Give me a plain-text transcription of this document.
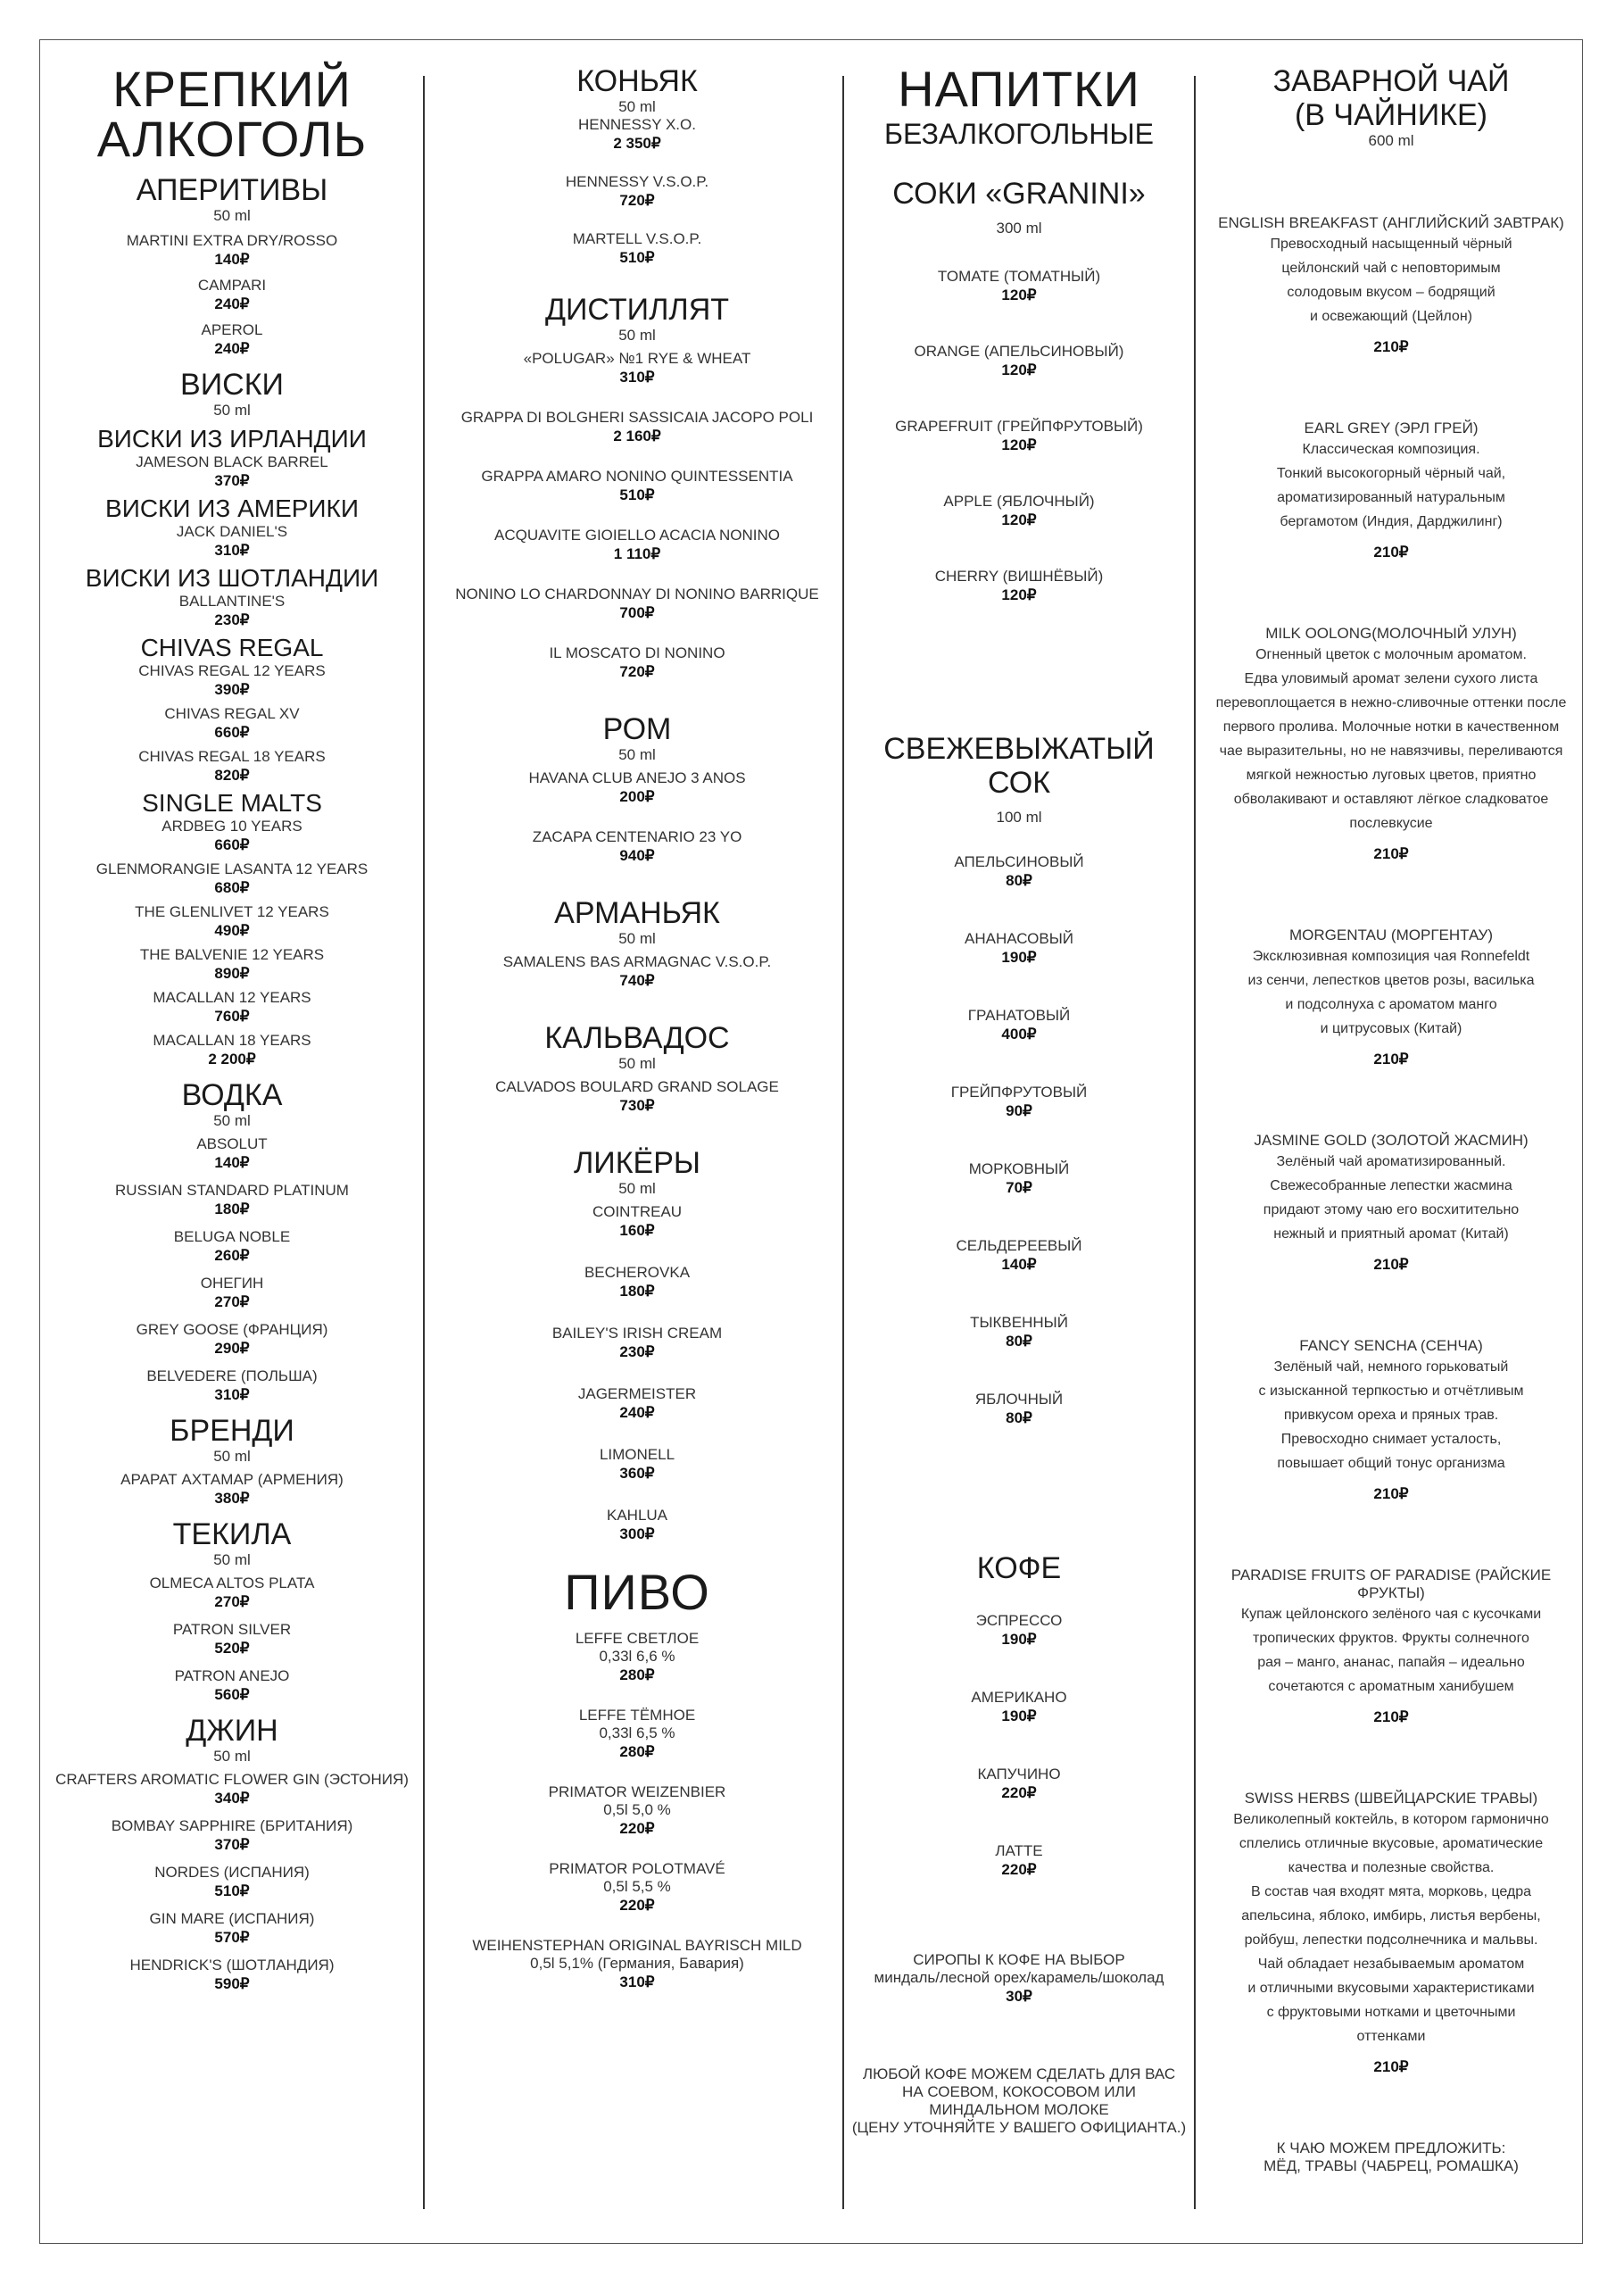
КРЕПКИЙ
АЛКОГОЛЬ
АПЕРИТИВЫ
50 ml
MARTINI EXTRA DRY/ROSSO
140₽
CAMPARI
240₽
APEROL
240₽
ВИСКИ
50 ml
ВИСКИ ИЗ ИРЛАНДИИ
JAMESON BLACK BARREL
370₽
ВИСКИ ИЗ АМЕРИКИ
JACK DANIEL'S
310₽
ВИСКИ ИЗ ШОТЛАНДИИ
BALLANTINE'S
230₽
CHIVAS REGAL
CHIVAS REGAL 12 YEARS
390₽
CHIVAS REGAL XV
660₽
CHIVAS REGAL 18 YEARS
820₽
SINGLE MALTS
ARDBEG 10 YEARS
660₽
GLENMORANGIE LASANTA 12 YEARS
680₽
THE GLENLIVET 12 YEARS
490₽
THE BALVENIE 12 YEARS
890₽
MACALLAN 12 YEARS
760₽
MACALLAN 18 YEARS
2 200₽
ВОДКА
50 ml
ABSOLUT
140₽
RUSSIAN STANDARD PLATINUM
180₽
BELUGA NOBLE
260₽
ОНЕГИН
270₽
GREY GOOSE (ФРАНЦИЯ)
290₽
BELVEDERE (ПОЛЬША)
310₽
БРЕНДИ
50 ml
АРАРАТ АХТАМАР (АРМЕНИЯ)
380₽
ТЕКИЛА
50 ml
OLMECA ALTOS PLATA
270₽
PATRON SILVER
520₽
PATRON ANEJO
560₽
ДЖИН
50 ml
CRAFTERS AROMATIC FLOWER GIN (ЭСТОНИЯ)
340₽
BOMBAY SAPPHIRE (БРИТАНИЯ)
370₽
NORDES (ИСПАНИЯ)
510₽
GIN MARE (ИСПАНИЯ)
570₽
HENDRICK'S (ШОТЛАНДИЯ)
590₽
КОНЬЯК
50 ml
HENNESSY X.O.
2 350₽
HENNESSY V.S.O.P.
720₽
MARTELL V.S.O.P.
510₽
ДИСТИЛЛЯТ
50 ml
«POLUGAR» №1 RYE & WHEAT
310₽
GRAPPA DI BOLGHERI SASSICAIA JACOPO POLI
2 160₽
GRAPPA AMARO NONINO QUINTESSENTIA
510₽
ACQUAVITE GIOIELLO ACACIA NONINO
1 110₽
NONINO LO CHARDONNAY DI NONINO BARRIQUE
700₽
IL MOSCATO DI NONINO
720₽
РОМ
50 ml
HAVANA CLUB ANEJO 3 ANOS
200₽
ZACAPA CENTENARIO 23 YO
940₽
АРМАНЬЯК
50 ml
SAMALENS BAS ARMAGNAC V.S.O.P.
740₽
КАЛЬВАДОС
50 ml
CALVADOS BOULARD GRAND SOLAGE
730₽
ЛИКЁРЫ
50 ml
COINTREAU
160₽
BECHEROVKA
180₽
BAILEY'S IRISH CREAM
230₽
JAGERMEISTER
240₽
LIMONELL
360₽
KAHLUA
300₽
ПИВО
LEFFE СВЕТЛОЕ
0,33l 6,6 %
280₽
LEFFE ТЁМНОЕ
0,33l 6,5 %
280₽
PRIMATOR WEIZENBIER
0,5l 5,0 %
220₽
PRIMATOR POLOTMAVÉ
0,5l 5,5 %
220₽
WEIHENSTEPHAN ORIGINAL BAYRISCH MILD
0,5l 5,1% (Германия, Бавария)
310₽
НАПИТКИ
БЕЗАЛКОГОЛЬНЫЕ
СОКИ «GRANINI»
300 ml
TOMATE (ТОМАТНЫЙ)
120₽
ORANGE (АПЕЛЬСИНОВЫЙ)
120₽
GRAPEFRUIT (ГРЕЙПФРУТОВЫЙ)
120₽
APPLE (ЯБЛОЧНЫЙ)
120₽
CHERRY (ВИШНЁВЫЙ)
120₽
СВЕЖЕВЫЖАТЫЙ
СОК
100 ml
АПЕЛЬСИНОВЫЙ
80₽
АНАНАСОВЫЙ
190₽
ГРАНАТОВЫЙ
400₽
ГРЕЙПФРУТОВЫЙ
90₽
МОРКОВНЫЙ
70₽
СЕЛЬДЕРЕЕВЫЙ
140₽
ТЫКВЕННЫЙ
80₽
ЯБЛОЧНЫЙ
80₽
КОФЕ
ЭСПРЕССО
190₽
АМЕРИКАНО
190₽
КАПУЧИНО
220₽
ЛАТТЕ
220₽
СИРОПЫ К КОФЕ НА ВЫБОР
миндаль/лесной орех/карамель/шоколад
30₽
ЛЮБОЙ КОФЕ МОЖЕМ СДЕЛАТЬ ДЛЯ ВАС
НА СОЕВОМ, КОКОСОВОМ ИЛИ МИНДАЛЬНОМ МОЛОКЕ
(ЦЕНУ УТОЧНЯЙТЕ У ВАШЕГО ОФИЦИАНТА.)
ЗАВАРНОЙ ЧАЙ
(В ЧАЙНИКЕ)
600 ml
ENGLISH BREAKFAST (АНГЛИЙСКИЙ ЗАВТРАК)
Превосходный насыщенный чёрный
цейлонский чай с неповторимым
солодовым вкусом – бодрящий
и освежающий (Цейлон)
210₽
EARL GREY (ЭРЛ ГРЕЙ)
Классическая композиция.
Тонкий высокогорный чёрный чай,
ароматизированный натуральным
бергамотом (Индия, Дарджилинг)
210₽
MILK OOLONG(МОЛОЧНЫЙ УЛУН)
Огненный цветок с молочным ароматом.
Едва уловимый аромат зелени сухого листа
перевоплощается в нежно-сливочные оттенки после
первого пролива. Молочные нотки в качественном
чае выразительны, но не навязчивы, переливаются
мягкой нежностью луговых цветов, приятно
обволакивают и оставляют лёгкое сладковатое
послевкусие
210₽
MORGENTAU (МОРГЕНТАУ)
Эксклюзивная композиция чая Ronnefeldt
из сенчи, лепестков цветов розы, василька
и подсолнуха с ароматом манго
и цитрусовых (Китай)
210₽
JASMINE GOLD (ЗОЛОТОЙ ЖАСМИН)
Зелёный чай ароматизированный.
Свежесобранные лепестки жасмина
придают этому чаю его восхитительно
нежный и приятный аромат (Китай)
210₽
FANCY SENCHA (СЕНЧА)
Зелёный чай, немного горьковатый
с изысканной терпкостью и отчётливым
привкусом ореха и пряных трав.
Превосходно снимает усталость,
повышает общий тонус организма
210₽
PARADISE FRUITS OF PARADISE (РАЙСКИЕ ФРУКТЫ)
Купаж цейлонского зелёного чая с кусочками
тропических фруктов. Фрукты солнечного
рая – манго, ананас, папайя – идеально
сочетаются с ароматным ханибушем
210₽
SWISS HERBS (ШВЕЙЦАРСКИЕ ТРАВЫ)
Великолепный коктейль, в котором гармонично
сплелись отличные вкусовые, ароматические
качества и полезные свойства.
В состав чая входят мята, морковь, цедра
апельсина, яблоко, имбирь, листья вербены,
ройбуш, лепестки подсолнечника и мальвы.
Чай обладает незабываемым ароматом
и отличными вкусовыми характеристиками
с фруктовыми нотками и цветочными
оттенками
210₽
К ЧАЮ МОЖЕМ ПРЕДЛОЖИТЬ:
МЁД, ТРАВЫ (ЧАБРЕЦ, РОМАШКА)
